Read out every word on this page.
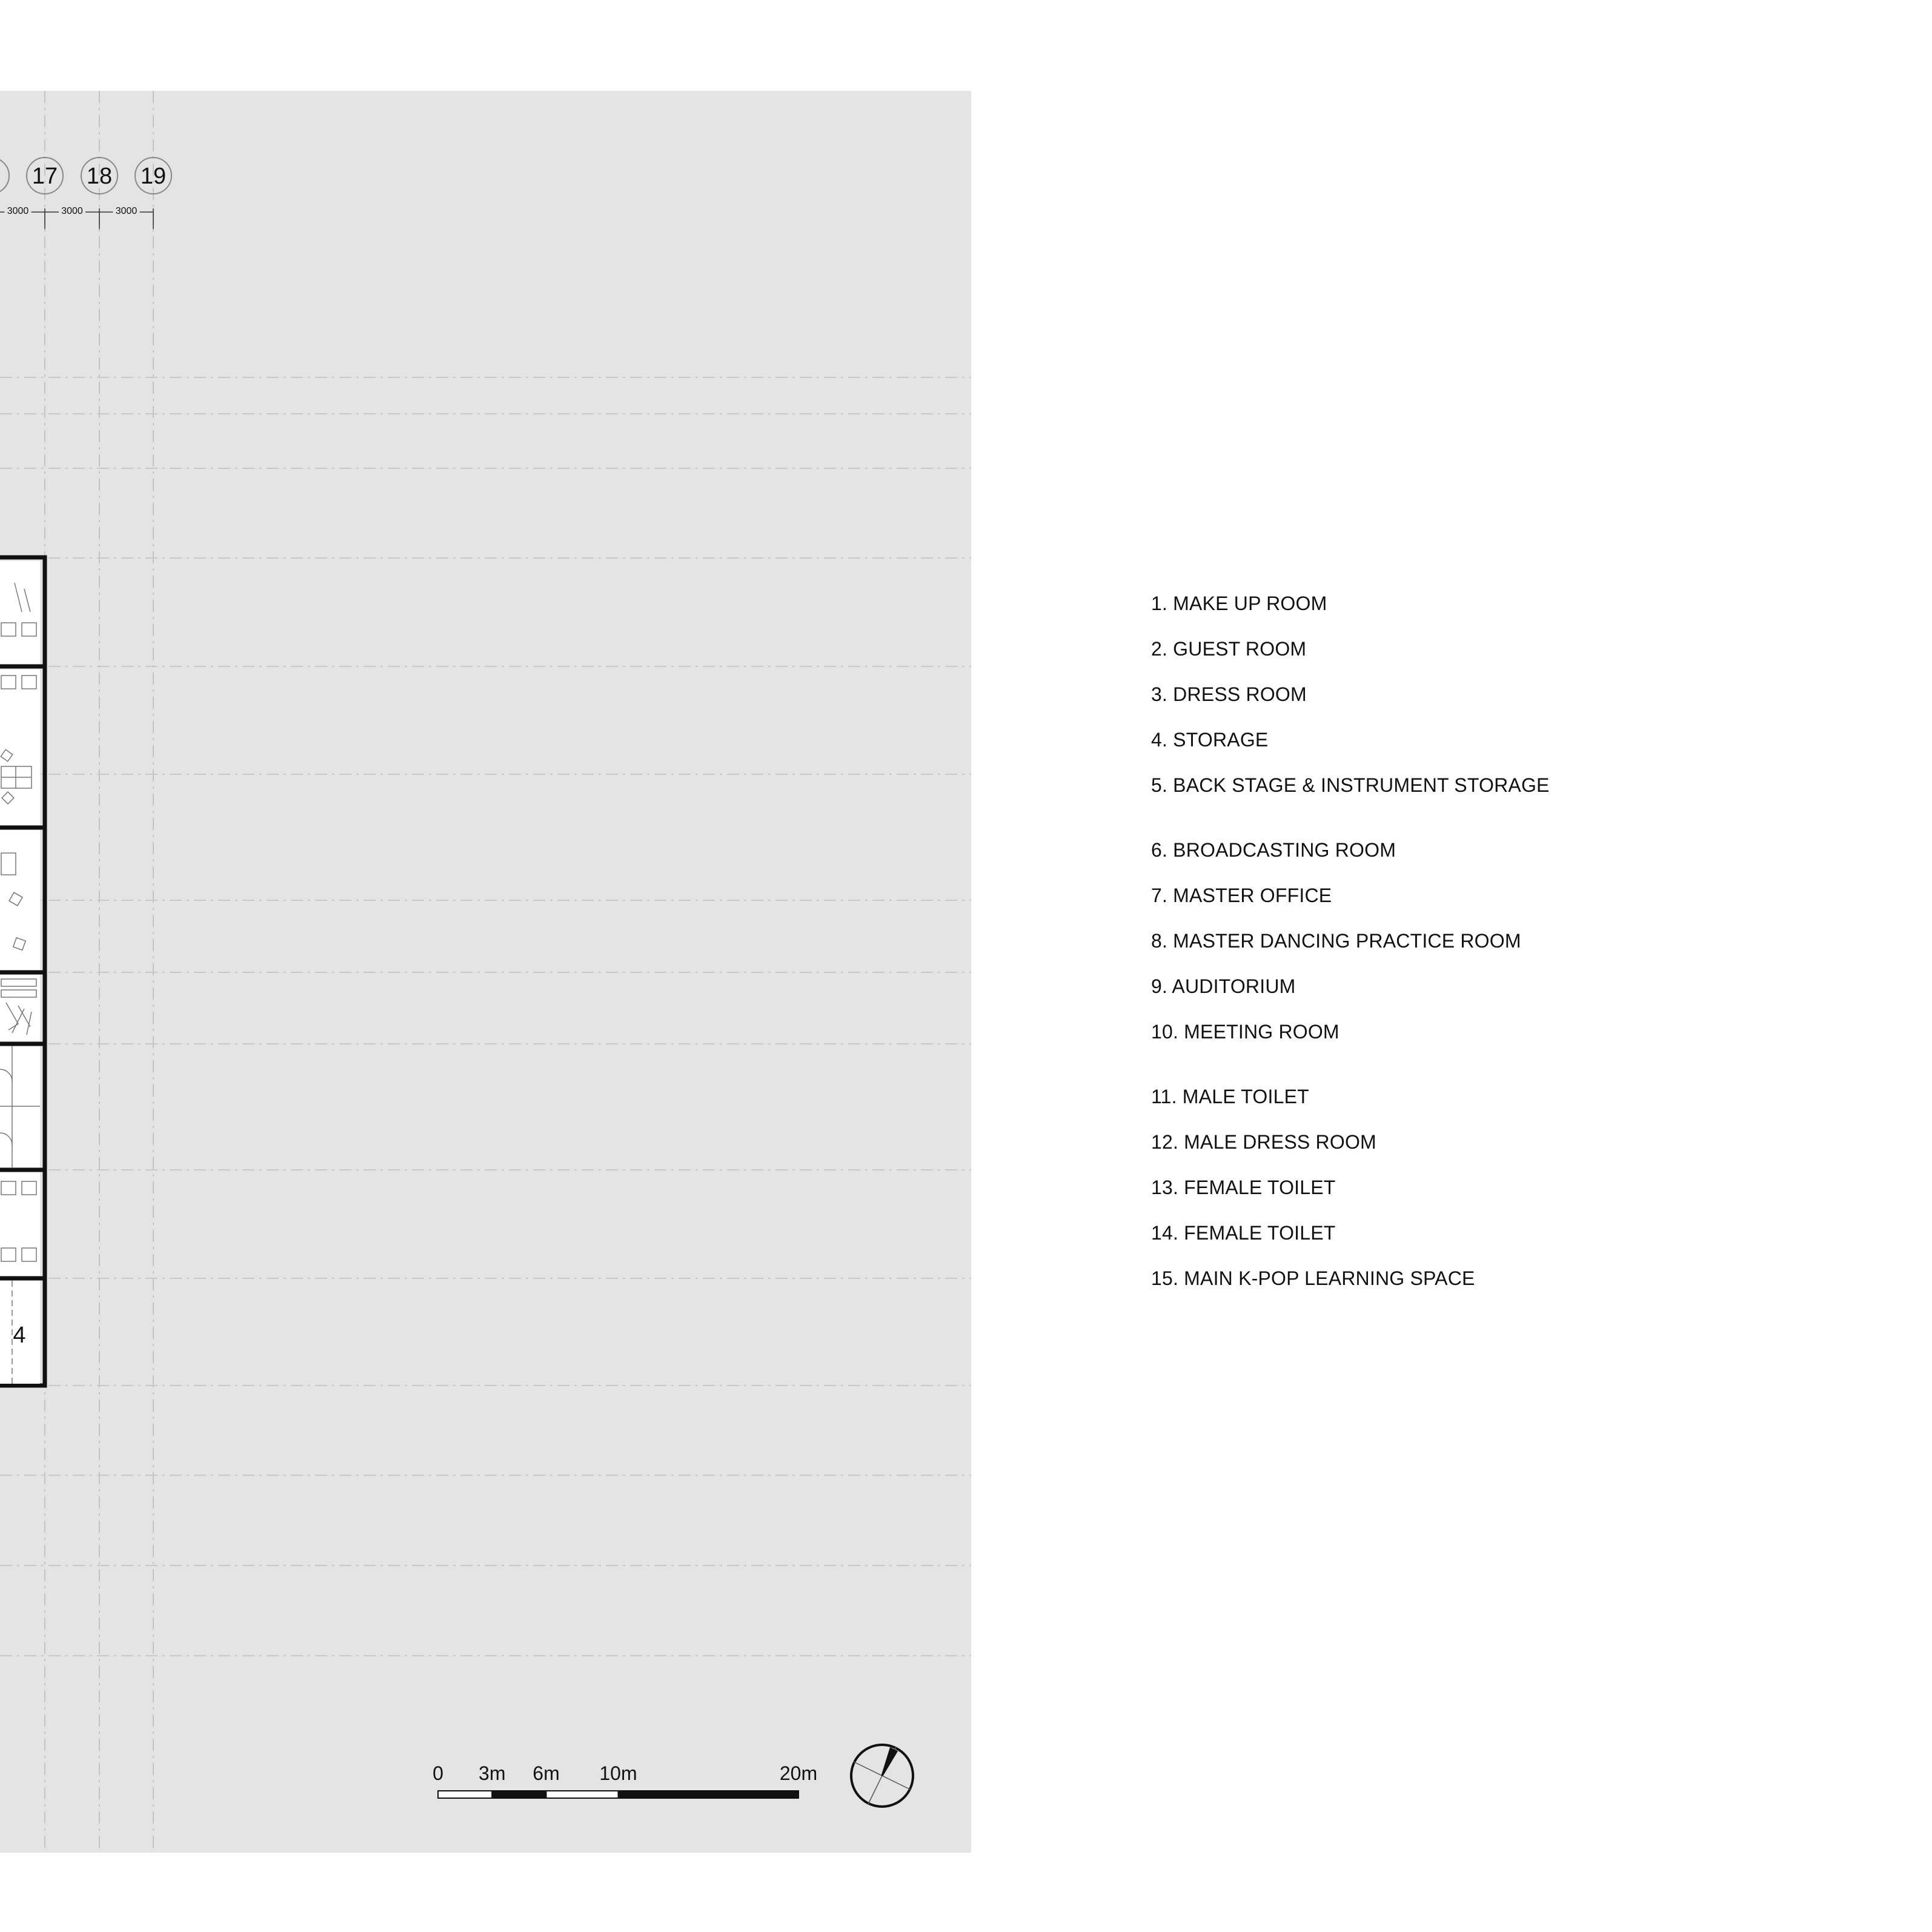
17 18 19
3000	3000	3000
4
0 3m 6m 10m	20m
1. MAKE UP ROOM
2. GUEST ROOM
3. DRESS ROOM
4. STORAGE
5. BACK STAGE & INSTRUMENT STORAGE
6. BROADCASTING ROOM
7. MASTER OFFICE
8. MASTER DANCING PRACTICE ROOM
9. AUDITORIUM
10. MEETING ROOM
11. MALE TOILET
12. MALE DRESS ROOM
13. FEMALE TOILET
14. FEMALE TOILET
15. MAIN K-POP LEARNING SPACE
